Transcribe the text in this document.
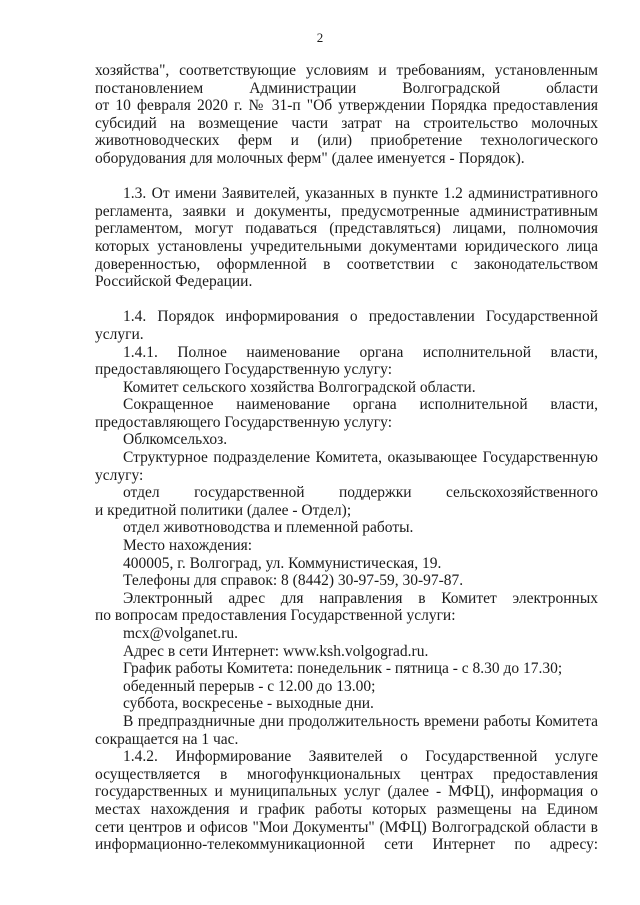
2
хозяйства", соответствующие условиям и требованиям, установленным
постановлением Администрации Волгоградской области
от 10 февраля 2020 г. № 31-п "Об утверждении Порядка предоставления
субсидий на возмещение части затрат на строительство молочных
животноводческих ферм и (или) приобретение технологического
оборудования для молочных ферм" (далее именуется - Порядок).
1.3. От имени Заявителей, указанных в пункте 1.2 административного
регламента, заявки и документы, предусмотренные административным
регламентом, могут подаваться (представляться) лицами, полномочия
которых установлены учредительными документами юридического лица
доверенностью, оформленной в соответствии с законодательством
Российской Федерации.
1.4. Порядок информирования о предоставлении Государственной
услуги.
1.4.1. Полное наименование органа исполнительной власти,
предоставляющего Государственную услугу:
Комитет сельского хозяйства Волгоградской области.
Сокращенное наименование органа исполнительной власти,
предоставляющего Государственную услугу:
Облкомсельхоз.
Структурное подразделение Комитета, оказывающее Государственную
услугу:
отдел государственной поддержки сельскохозяйственного
и кредитной политики (далее - Отдел);
отдел животноводства и племенной работы.
Место нахождения:
400005, г. Волгоград, ул. Коммунистическая, 19.
Телефоны для справок: 8 (8442) 30-97-59, 30-97-87.
Электронный адрес для направления в Комитет электронных
по вопросам предоставления Государственной услуги:
mcx@volganet.ru.
Адрес в сети Интернет: www.ksh.volgograd.ru.
График работы Комитета: понедельник - пятница - с 8.30 до 17.30;
обеденный перерыв - с 12.00 до 13.00;
суббота, воскресенье - выходные дни.
В предпраздничные дни продолжительность времени работы Комитета
сокращается на 1 час.
1.4.2. Информирование Заявителей о Государственной услуге
осуществляется в многофункциональных центрах предоставления
государственных и муниципальных услуг (далее - МФЦ), информация о
местах нахождения и график работы которых размещены на Едином
сети центров и офисов "Мои Документы" (МФЦ) Волгоградской области в
информационно-телекоммуникационной сети Интернет по адресу:
